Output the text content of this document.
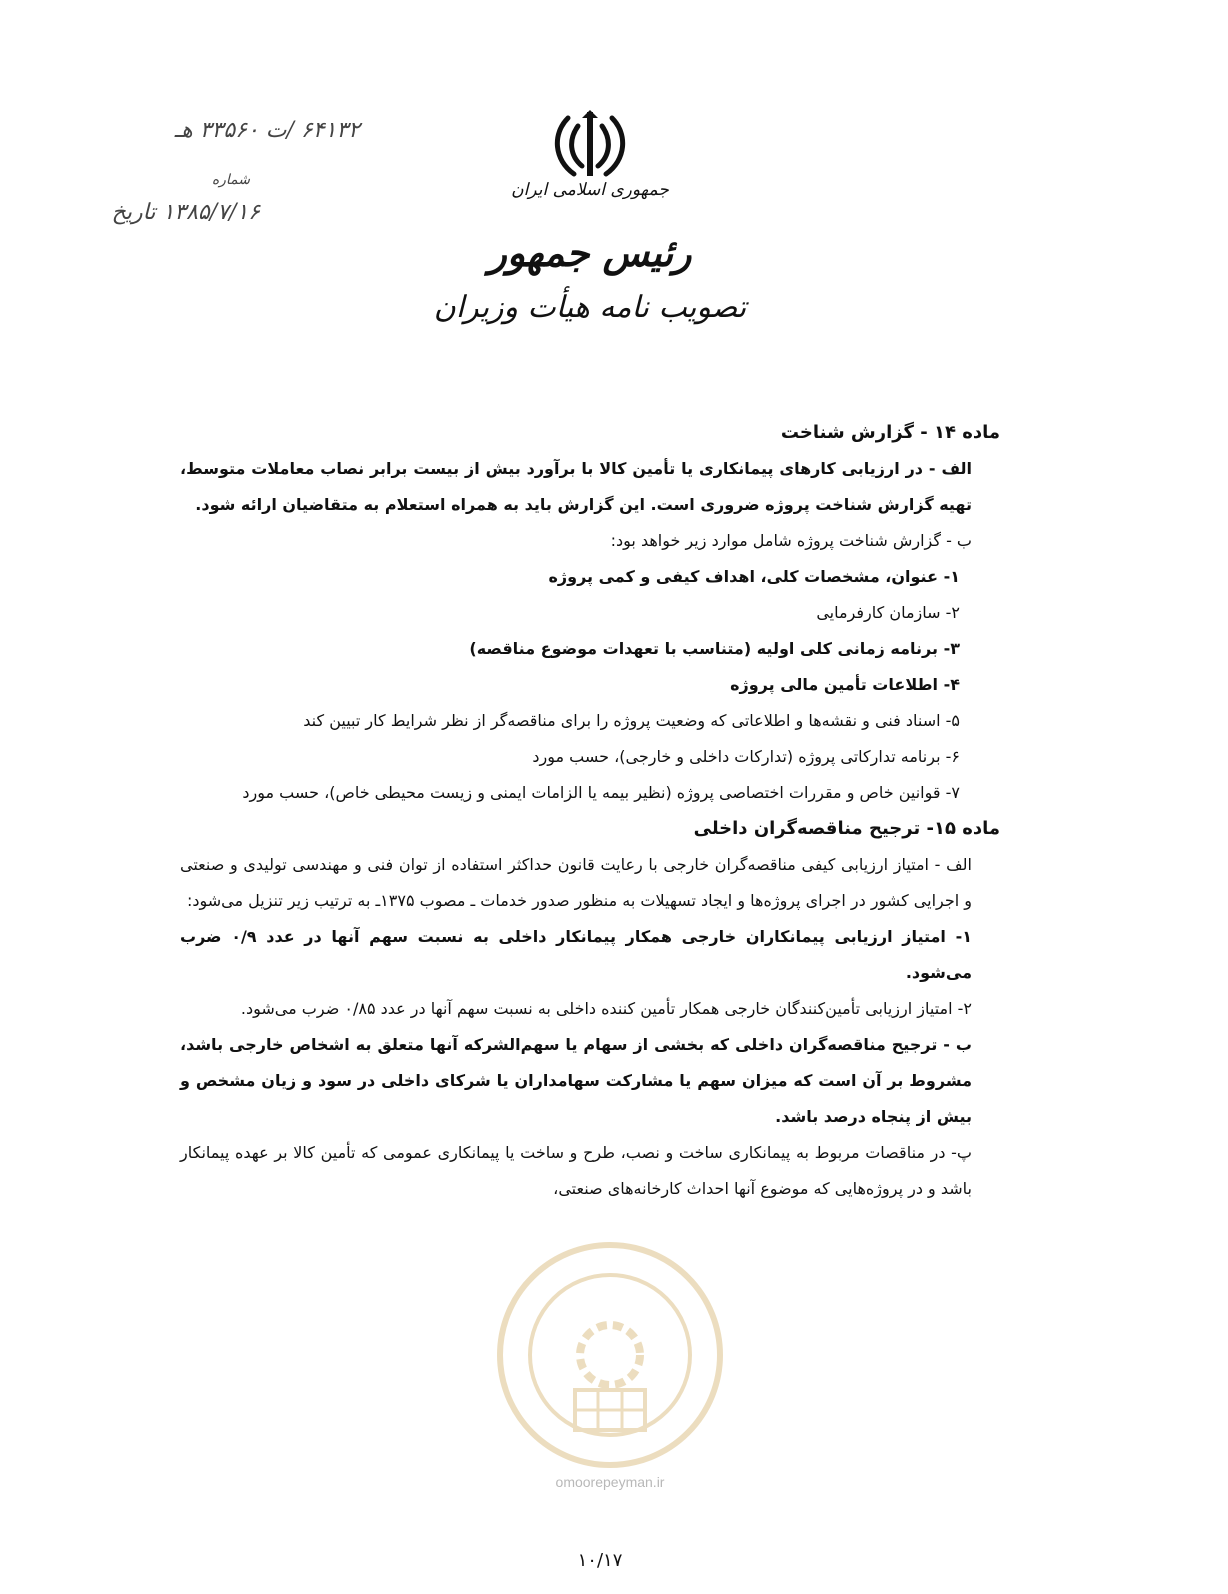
جمهوری اسلامی ایران
رئیس جمهور
تصویب نامه هیأت وزیران
۶۴۱۳۲ /ت ۳۳۵۶۰ هـ
شماره
۱۳۸۵/۷/۱۶ تاریخ

ماده ۱۴ - گزارش شناخت

الف - در ارزیابی کارهای پیمانکاری یا تأمین کالا با برآورد بیش از بیست برابر نصاب معاملات متوسط، تهیه گزارش شناخت پروژه ضروری است. این گزارش باید به همراه استعلام به متقاضیان ارائه شود.

ب - گزارش شناخت پروژه شامل موارد زیر خواهد بود:

۱- عنوان، مشخصات کلی، اهداف کیفی و کمی پروژه

۲- سازمان کارفرمایی

۳- برنامه زمانی کلی اولیه (متناسب با تعهدات موضوع مناقصه)

۴- اطلاعات تأمین مالی پروژه

۵- اسناد فنی و نقشه‌ها و اطلاعاتی که وضعیت پروژه را برای مناقصه‌گر از نظر شرایط کار تبیین کند

۶- برنامه تدارکاتی پروژه (تدارکات داخلی و خارجی)، حسب مورد

۷- قوانین خاص و مقررات اختصاصی پروژه (نظیر بیمه یا الزامات ایمنی و زیست محیطی خاص)، حسب مورد

ماده ۱۵- ترجیح مناقصه‌گران داخلی

الف - امتیاز ارزیابی کیفی مناقصه‌گران خارجی با رعایت قانون حداکثر استفاده از توان فنی و مهندسی تولیدی و صنعتی و اجرایی کشور در اجرای پروژه‌ها و ایجاد تسهیلات به منظور صدور خدمات ـ مصوب ۱۳۷۵ـ به ترتیب زیر تنزیل می‌شود:

۱- امتیاز ارزیابی پیمانکاران خارجی همکار پیمانکار داخلی به نسبت سهم آنها در عدد ۰/۹ ضرب می‌شود.

۲- امتیاز ارزیابی تأمین‌کنندگان خارجی همکار تأمین کننده داخلی به نسبت سهم آنها در عدد ۰/۸۵ ضرب می‌شود.

ب - ترجیح مناقصه‌گران داخلی که بخشی از سهام یا سهم‌الشرکه آنها متعلق به اشخاص خارجی باشد، مشروط بر آن است که میزان سهم یا مشارکت سهامداران یا شرکای داخلی در سود و زیان مشخص و بیش از پنجاه درصد باشد.

پ- در مناقصات مربوط به پیمانکاری ساخت و نصب، طرح و ساخت یا پیمانکاری عمومی که تأمین کالا بر عهده پیمانکار باشد و در پروژه‌هایی که موضوع آنها احداث کارخانه‌های صنعتی،

omoorepeyman.ir
۱۰/۱۷
